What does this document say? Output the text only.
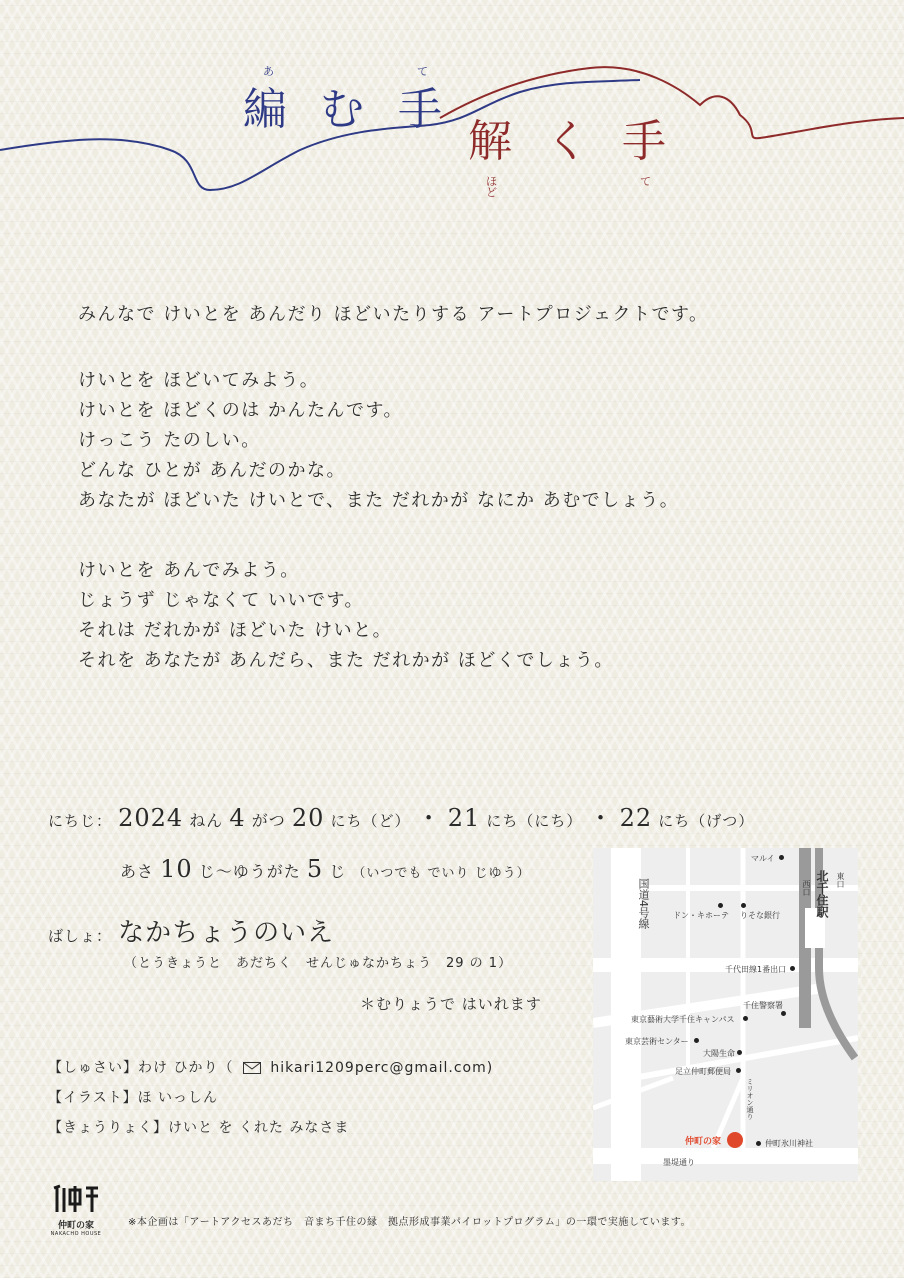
あ	て
編 む 手
解 く 手
ほど
て
みんなで けいとを あんだり ほどいたりする アートプロジェクトです。
けいとを ほどいてみよう。
けいとを ほどくのは かんたんです。
けっこう たのしい。
どんな ひとが あんだのかな。
あなたが ほどいた けいとで、また だれかが なにか あむでしょう。
けいとを あんでみよう。
じょうず じゃなくて いいです。
それは だれかが ほどいた けいと。
それを あなたが あんだら、また だれかが ほどくでしょう。
にちじ： 2024 ねん 4 がつ 20 にち（ど） ・ 21 にち（にち） ・ 22 にち（げつ）
あさ 10 じ〜ゆうがた 5 じ （いつでも でいり じゆう）
ばしょ： なかちょうのいえ
（とうきょうと　あだちく　せんじゅなかちょう　29 の 1）
＊むりょうで はいれます
【しゅさい】わけ ひかり（	hikari1209perc@gmail.com)
【イラスト】ほ いっしん
【きょうりょく】けいと を くれた みなさま
北千住駅 東口
西口
国道4号線
マルイ
ドン・キホーテ りそな銀行
千代田線1番出口
千住警察署
東京藝術大学千住キャンパス
東京芸術センター
大陽生命
足立仲町郵便局
ミリオン通り
仲町氷川神社
墨堤通り
仲町の家
仲町の家
NAKACHO HOUSE
※本企画は「アートアクセスあだち　音まち千住の縁　拠点形成事業パイロットプログラム」の一環で実施しています。
